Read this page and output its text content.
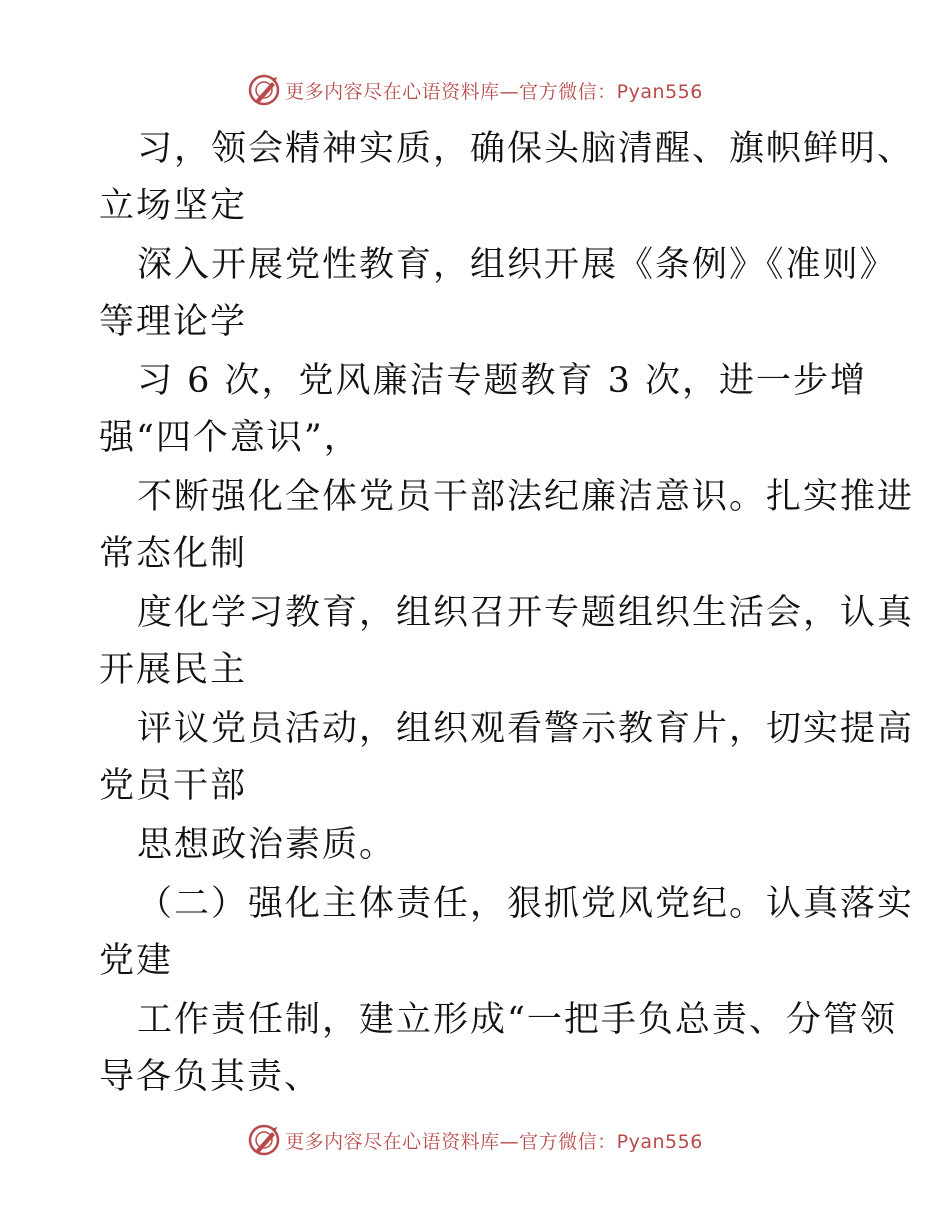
更多内容尽在心语资料库—官方微信：Pyan556
习，领会精神实质，确保头脑清醒、旗帜鲜明、
立场坚定
深入开展党性教育，组织开展《条例》《准则》
等理论学
习 6 次，党风廉洁专题教育 3 次，进一步增
强“四个意识”，
不断强化全体党员干部法纪廉洁意识。扎实推进
常态化制
度化学习教育，组织召开专题组织生活会，认真
开展民主
评议党员活动，组织观看警示教育片，切实提高
党员干部
思想政治素质。
（二）强化主体责任，狠抓党风党纪。认真落实
党建
工作责任制，建立形成“一把手负总责、分管领
导各负其责、
更多内容尽在心语资料库—官方微信：Pyan556
